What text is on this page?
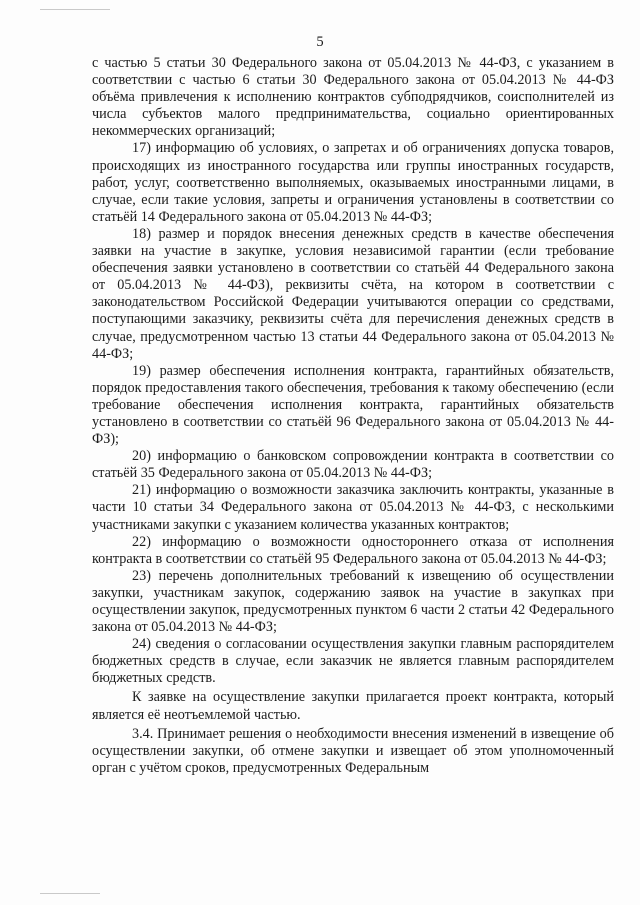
5

с частью 5 статьи 30 Федерального закона от 05.04.2013 № 44-ФЗ, с указанием в соответствии с частью 6 статьи 30 Федерального закона от 05.04.2013 № 44-ФЗ объёма привлечения к исполнению контрактов субподрядчиков, соисполнителей из числа субъектов малого предпринимательства, социально ориентированных некоммерческих организаций;

17) информацию об условиях, о запретах и об ограничениях допуска товаров, происходящих из иностранного государства или группы иностранных государств, работ, услуг, соответственно выполняемых, оказываемых иностранными лицами, в случае, если такие условия, запреты и ограничения установлены в соответствии со статьёй 14 Федерального закона от 05.04.2013 № 44-ФЗ;

18) размер и порядок внесения денежных средств в качестве обеспечения заявки на участие в закупке, условия независимой гарантии (если требование обеспечения заявки установлено в соответствии со статьёй 44 Федерального закона от 05.04.2013 № 44-ФЗ), реквизиты счёта, на котором в соответствии с законодательством Российской Федерации учитываются операции со средствами, поступающими заказчику, реквизиты счёта для перечисления денежных средств в случае, предусмотренном частью 13 статьи 44 Федерального закона от 05.04.2013 № 44-ФЗ;

19) размер обеспечения исполнения контракта, гарантийных обязательств, порядок предоставления такого обеспечения, требования к такому обеспечению (если требование обеспечения исполнения контракта, гарантийных обязательств установлено в соответствии со статьёй 96 Федерального закона от 05.04.2013 № 44-ФЗ);

20) информацию о банковском сопровождении контракта в соответствии со статьёй 35 Федерального закона от 05.04.2013 № 44-ФЗ;

21) информацию о возможности заказчика заключить контракты, указанные в части 10 статьи 34 Федерального закона от 05.04.2013 № 44-ФЗ, с несколькими участниками закупки с указанием количества указанных контрактов;

22) информацию о возможности одностороннего отказа от исполнения контракта в соответствии со статьёй 95 Федерального закона от 05.04.2013 № 44-ФЗ;

23) перечень дополнительных требований к извещению об осуществлении закупки, участникам закупок, содержанию заявок на участие в закупках при осуществлении закупок, предусмотренных пунктом 6 части 2 статьи 42 Федерального закона от 05.04.2013 № 44-ФЗ;

24) сведения о согласовании осуществления закупки главным распорядителем бюджетных средств в случае, если заказчик не является главным распорядителем бюджетных средств.

К заявке на осуществление закупки прилагается проект контракта, который является её неотъемлемой частью.

3.4. Принимает решения о необходимости внесения изменений в извещение об осуществлении закупки, об отмене закупки и извещает об этом уполномоченный орган с учётом сроков, предусмотренных Федеральным
